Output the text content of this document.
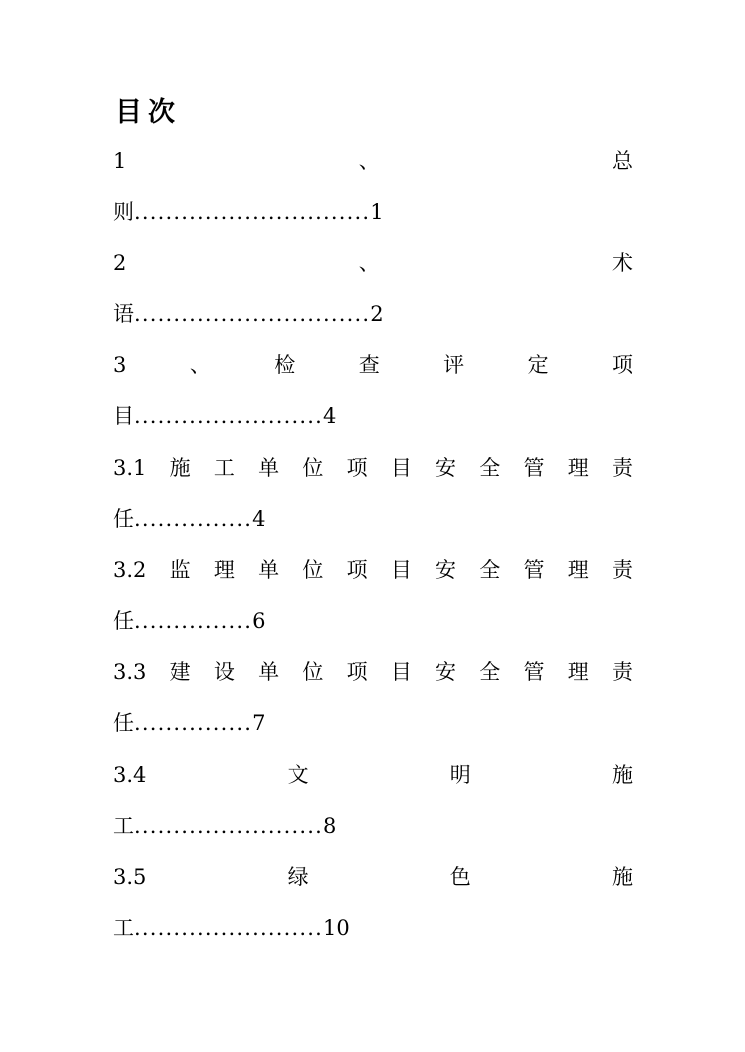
目次
1	、	总
则 .............................. 1
2	、	术
语 .............................. 2
3	、	检	查	评	定	项
目 ........................ 4
3.1 施 工 单 位 项 目 安 全 管 理 责
任 ............... 4
3.2 监 理 单 位 项 目 安 全 管 理 责
任 ............... 6
3.3 建 设 单 位 项 目 安 全 管 理 责
任 ............... 7
3.4	文	明	施
工 ........................ 8
3.5	绿	色	施
工 ........................ 10
